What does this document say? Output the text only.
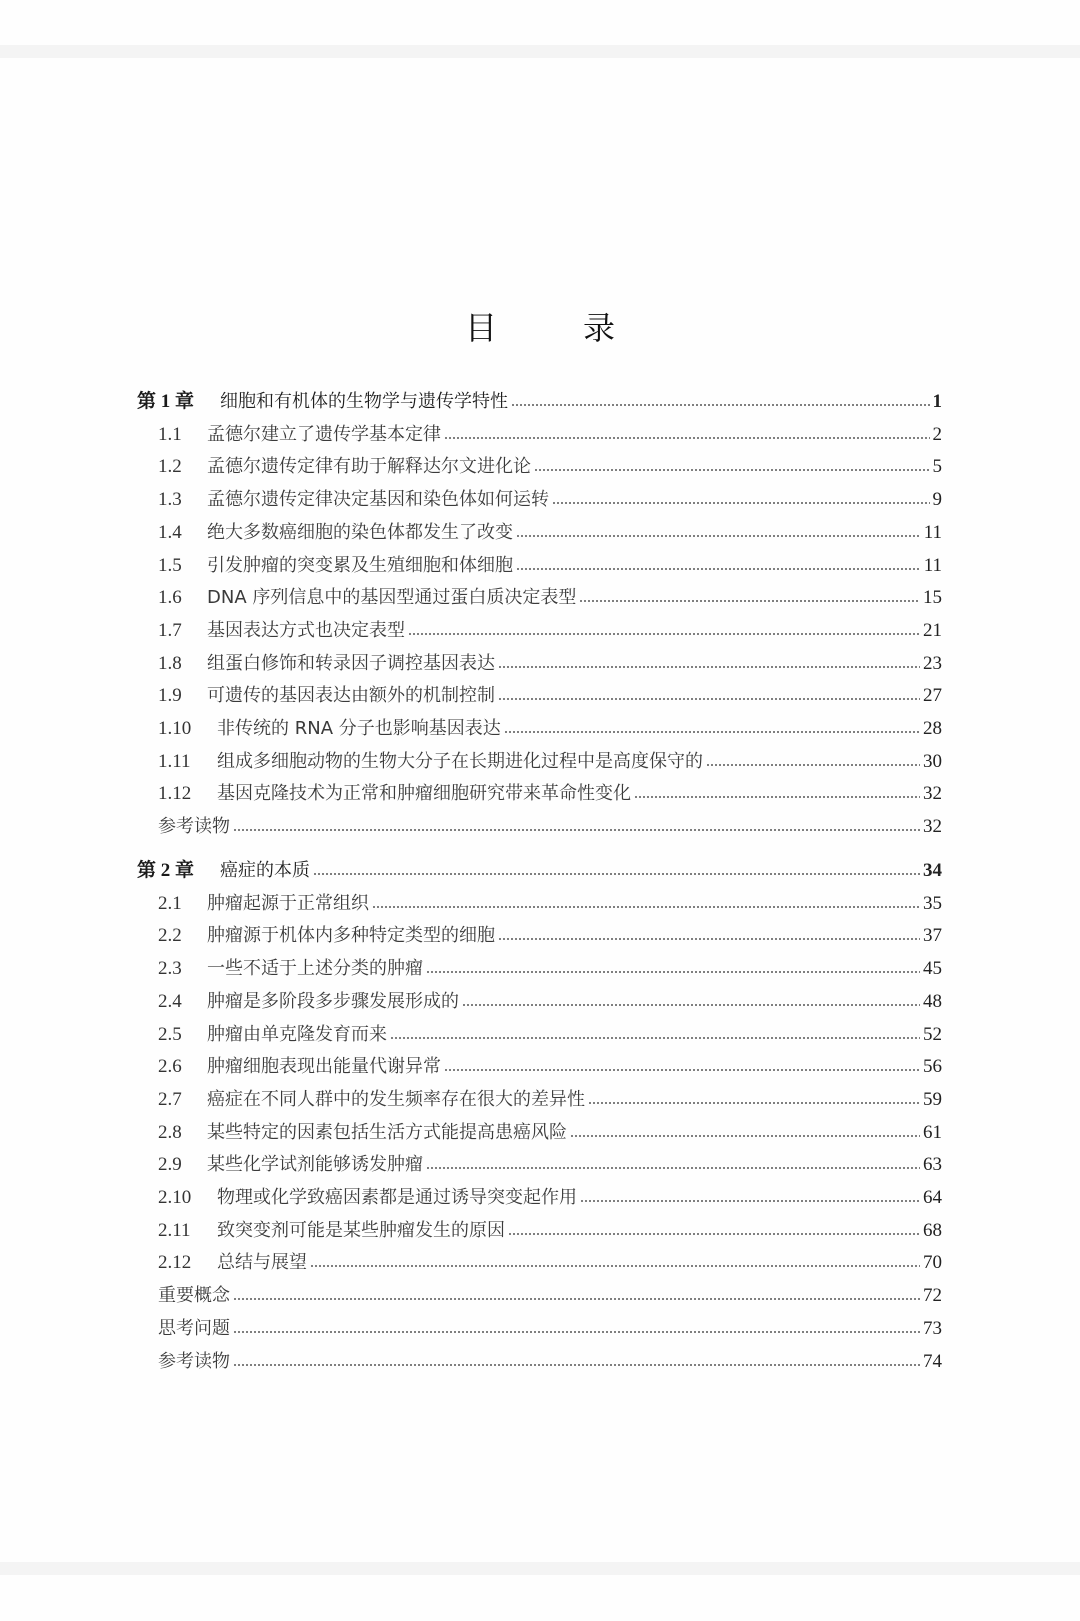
目	录
第 1 章	细胞和有机体的生物学与遗传学特性	1
1.1	孟德尔建立了遗传学基本定律	2
1.2	孟德尔遗传定律有助于解释达尔文进化论	5
1.3	孟德尔遗传定律决定基因和染色体如何运转	9
1.4	绝大多数癌细胞的染色体都发生了改变	11
1.5	引发肿瘤的突变累及生殖细胞和体细胞	11
1.6	DNA 序列信息中的基因型通过蛋白质决定表型	15
1.7	基因表达方式也决定表型	21
1.8	组蛋白修饰和转录因子调控基因表达	23
1.9	可遗传的基因表达由额外的机制控制	27
1.10	非传统的 RNA 分子也影响基因表达	28
1.11	组成多细胞动物的生物大分子在长期进化过程中是高度保守的	30
1.12	基因克隆技术为正常和肿瘤细胞研究带来革命性变化	32
参考读物	32
第 2 章	癌症的本质	34
2.1	肿瘤起源于正常组织	35
2.2	肿瘤源于机体内多种特定类型的细胞	37
2.3	一些不适于上述分类的肿瘤	45
2.4	肿瘤是多阶段多步骤发展形成的	48
2.5	肿瘤由单克隆发育而来	52
2.6	肿瘤细胞表现出能量代谢异常	56
2.7	癌症在不同人群中的发生频率存在很大的差异性	59
2.8	某些特定的因素包括生活方式能提高患癌风险	61
2.9	某些化学试剂能够诱发肿瘤	63
2.10	物理或化学致癌因素都是通过诱导突变起作用	64
2.11	致突变剂可能是某些肿瘤发生的原因	68
2.12	总结与展望	70
重要概念	72
思考问题	73
参考读物	74
